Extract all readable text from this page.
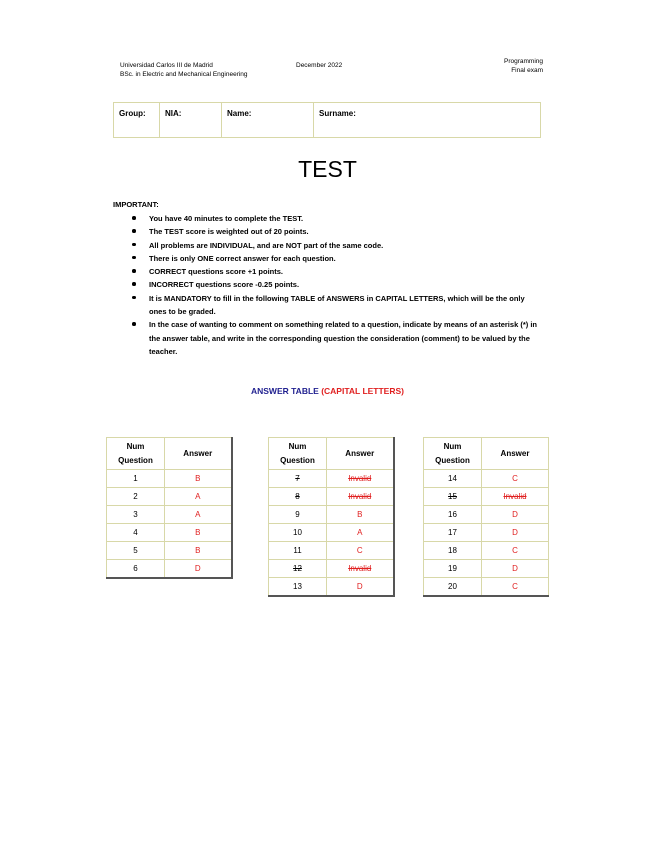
Universidad Carlos III de Madrid
BSc. in Electric and Mechanical Engineering
December 2022
Programming
Final exam
Group:	NIA:	Name:	Surname:
TEST
IMPORTANT:
You have 40 minutes to complete the TEST.
The TEST score is weighted out of 20 points.
All problems are INDIVIDUAL, and are NOT part of the same code.
There is only ONE correct answer for each question.
CORRECT questions score +1 points.
INCORRECT questions score -0.25 points.
It is MANDATORY to fill in the following TABLE of ANSWERS in CAPITAL LETTERS, which will be the only ones to be graded.
In the case of wanting to comment on something related to a question, indicate by means of an asterisk (*) in the answer table, and write in the corresponding question the consideration (comment) to be valued by the teacher.
ANSWER TABLE (CAPITAL LETTERS)
Num
Question	Answer
1	B
2	A
3	A
4	B
5	B
6	D
Num
Question	Answer
7	Invalid
8	Invalid
9	B
10	A
11	C
12	Invalid
13	D
Num
Question	Answer
14	C
15	Invalid
16	D
17	D
18	C
19	D
20	C
